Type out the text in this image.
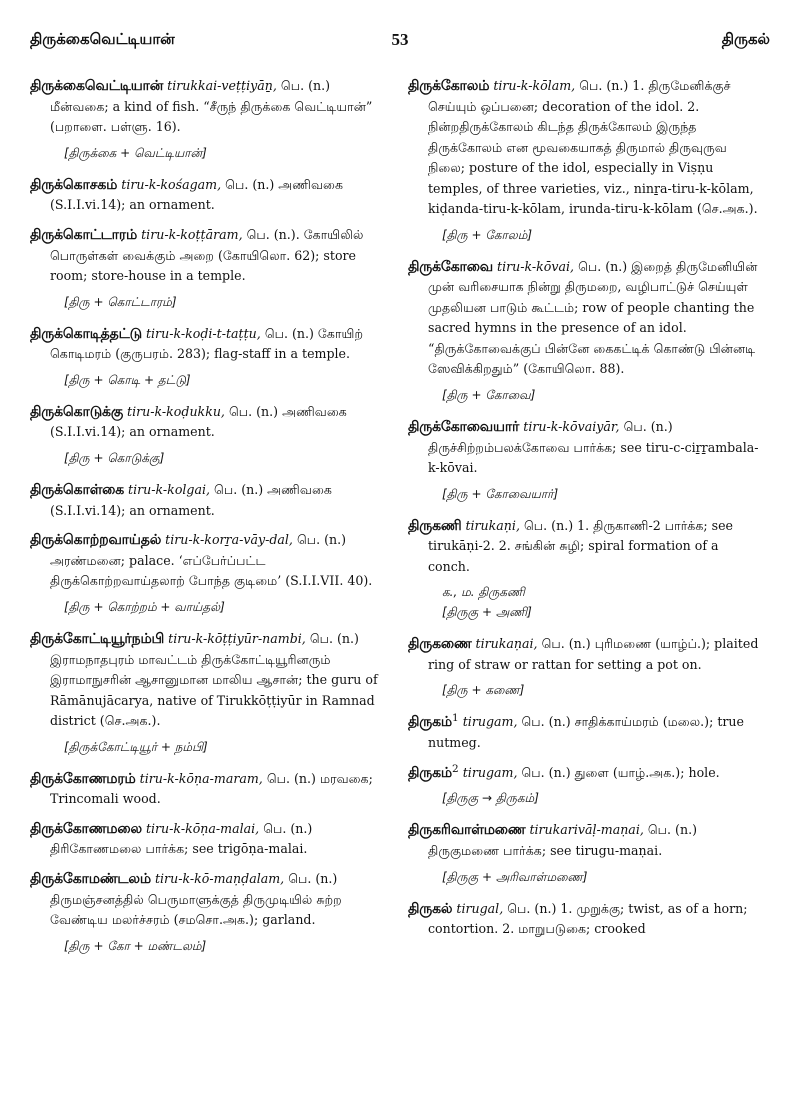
திருக்கைவெட்டியான்	53	திருகல்

திருக்கைவெட்டியான் tirukkai-veṭṭiyāṉ, பெ. (n.) மீன்வகை; a kind of fish. “சீருந் திருக்கை வெட்டியான்” (பறாளை. பள்ளு. 16).

[திருக்கை + வெட்டியான்]

திருக்கொசகம் tiru-k-kośagam, பெ. (n.) அணிவகை (S.I.I.vi.14); an ornament.

திருக்கொட்டாரம் tiru-k-koṭṭāram, பெ. (n.). கோயிலில் பொருள்கள் வைக்கும் அறை (கோயிலொ. 62); store room; store-house in a temple.

[திரு + கொட்டாரம்]

திருக்கொடித்தட்டு tiru-k-koḍi-t-taṭṭu, பெ. (n.) கோயிற் கொடிமரம் (குருபரம். 283); flag-staff in a temple.

[திரு + கொடி + தட்டு]

திருக்கொடுக்கு tiru-k-koḍukku, பெ. (n.) அணிவகை (S.I.I.vi.14); an ornament.

[திரு + கொடுக்கு]

திருக்கொள்கை tiru-k-kolgai, பெ. (n.) அணிவகை (S.I.I.vi.14); an ornament.

திருக்கொற்றவாய்தல் tiru-k-korṟa-vāy-dal, பெ. (n.) அரண்மனை; palace. ‘எப்பேர்ப்பட்ட திருக்கொற்றவாய்தலாற் போந்த குடிமை’ (S.I.I.VII. 40).

[திரு + கொற்றம் + வாய்தல்]

திருக்கோட்டியூர்நம்பி tiru-k-kōṭṭiyūr-nambi, பெ. (n.) இராமநாதபுரம் மாவட்டம் திருக்கோட்டியூரினரும் இராமாநுசரின் ஆசானுமான மாலிய ஆசான்; the guru of Rāmānujācarya, native of Tirukkōṭṭiyūr in Ramnad district (செ.அக.).

[திருக்கோட்டியூர் + நம்பி]

திருக்கோணமரம் tiru-k-kōṇa-maram, பெ. (n.) மரவகை; Trincomali wood.

திருக்கோணமலை tiru-k-kōṇa-malai, பெ. (n.) திரிகோணமலை பார்க்க; see trigōṇa-malai.

திருக்கோமண்டலம் tiru-k-kō-maṇḍalam, பெ. (n.) திருமஞ்சனத்தில் பெருமாளுக்குத் திருமுடியில் சுற்ற வேண்டிய மலர்ச்சரம் (சமசொ.அக.); garland.

[திரு + கோ + மண்டலம்]

திருக்கோலம் tiru-k-kōlam, பெ. (n.) 1. திருமேனிக்குச் செய்யும் ஒப்பனை; decoration of the idol. 2. நின்றதிருக்கோலம் கிடந்த திருக்கோலம் இருந்த திருக்கோலம் என மூவகையாகத் திருமால் திருவுருவ நிலை; posture of the idol, especially in Viṣṇu temples, of three varieties, viz., ninṟa-tiru-k-kōlam, kiḍanda-tiru-k-kōlam, irunda-tiru-k-kōlam (செ.அக.).

[திரு + கோலம்]

திருக்கோவை tiru-k-kōvai, பெ. (n.) இறைத் திருமேனியின் முன் வரிசையாக நின்று திருமறை, வழிபாட்டுச் செய்யுள் முதலியன பாடும் கூட்டம்; row of people chanting the sacred hymns in the presence of an idol. “திருக்கோவைக்குப் பின்னே கைகட்டிக் கொண்டு பின்னடி ஸேவிக்கிறதும்” (கோயிலொ. 88).

[திரு + கோவை]

திருக்கோவையார் tiru-k-kōvaiyār, பெ. (n.) திருச்சிற்றம்பலக்கோவை பார்க்க; see tiru-c-ciṟṟambala-k-kōvai.

[திரு + கோவையார்]

திருகணி tirukaṇi, பெ. (n.) 1. திருகாணி-2 பார்க்க; see tirukāṇi-2. 2. சங்கின் சுழி; spiral formation of a conch.

க., ம. திருகணி
[திருகு + அணி]

திருகணை tirukaṇai, பெ. (n.) புரிமணை (யாழ்ப்.); plaited ring of straw or rattan for setting a pot on.

[திரு + கணை]

திருகம்$^1$ tirugam, பெ. (n.) சாதிக்காய்மரம் (மலை.); true nutmeg.

திருகம்$^2$ tirugam, பெ. (n.) துளை (யாழ்.அக.); hole.

[திருகு → திருகம்]

திருகரிவாள்மணை tirukarivāḷ-maṇai, பெ. (n.) திருகுமணை பார்க்க; see tirugu-maṇai.

[திருகு + அரிவாள்மணை]

திருகல் tirugal, பெ. (n.) 1. முறுக்கு; twist, as of a horn; contortion. 2. மாறுபடுகை; crooked
